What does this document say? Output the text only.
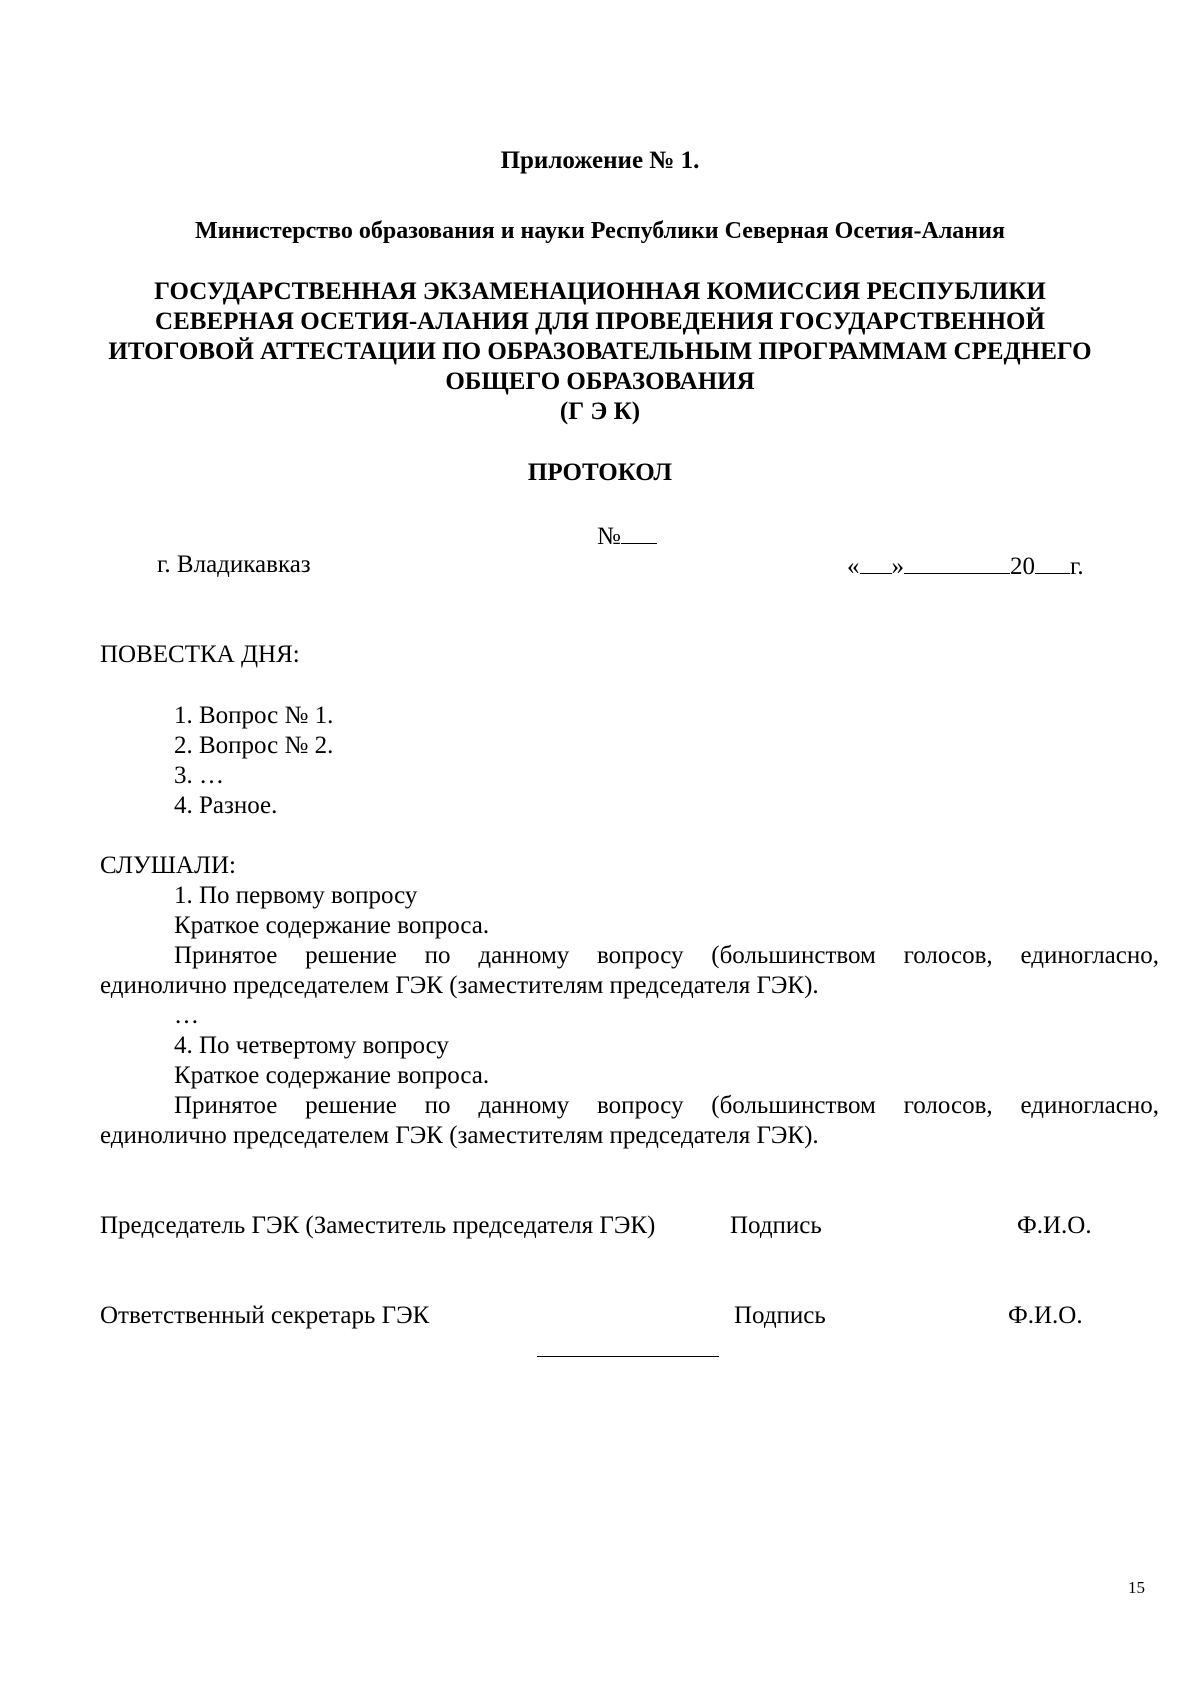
Приложение № 1.
Министерство образования и науки Республики Северная Осетия-Алания
ГОСУДАРСТВЕННАЯ ЭКЗАМЕНАЦИОННАЯ КОМИССИЯ РЕСПУБЛИКИ
СЕВЕРНАЯ ОСЕТИЯ-АЛАНИЯ ДЛЯ ПРОВЕДЕНИЯ ГОСУДАРСТВЕННОЙ
ИТОГОВОЙ АТТЕСТАЦИИ ПО ОБРАЗОВАТЕЛЬНЫМ ПРОГРАММАМ СРЕДНЕГО
ОБЩЕГО ОБРАЗОВАНИЯ
(Г Э К)
ПРОТОКОЛ
№
г. Владикавказ	« »	20 г.
ПОВЕСТКА ДНЯ:
1. Вопрос № 1.
2. Вопрос № 2.
3. …
4. Разное.
СЛУШАЛИ:
1. По первому вопросу
Краткое содержание вопроса.
Принятое решение по данному вопросу (большинством голосов, единогласно,
единолично председателем ГЭК (заместителям председателя ГЭК).
…
4. По четвертому вопросу
Краткое содержание вопроса.
Принятое решение по данному вопросу (большинством голосов, единогласно,
единолично председателем ГЭК (заместителям председателя ГЭК).
Председатель ГЭК (Заместитель председателя ГЭК)	Подпись	Ф.И.О.
Ответственный секретарь ГЭК	Подпись	Ф.И.О.
15
